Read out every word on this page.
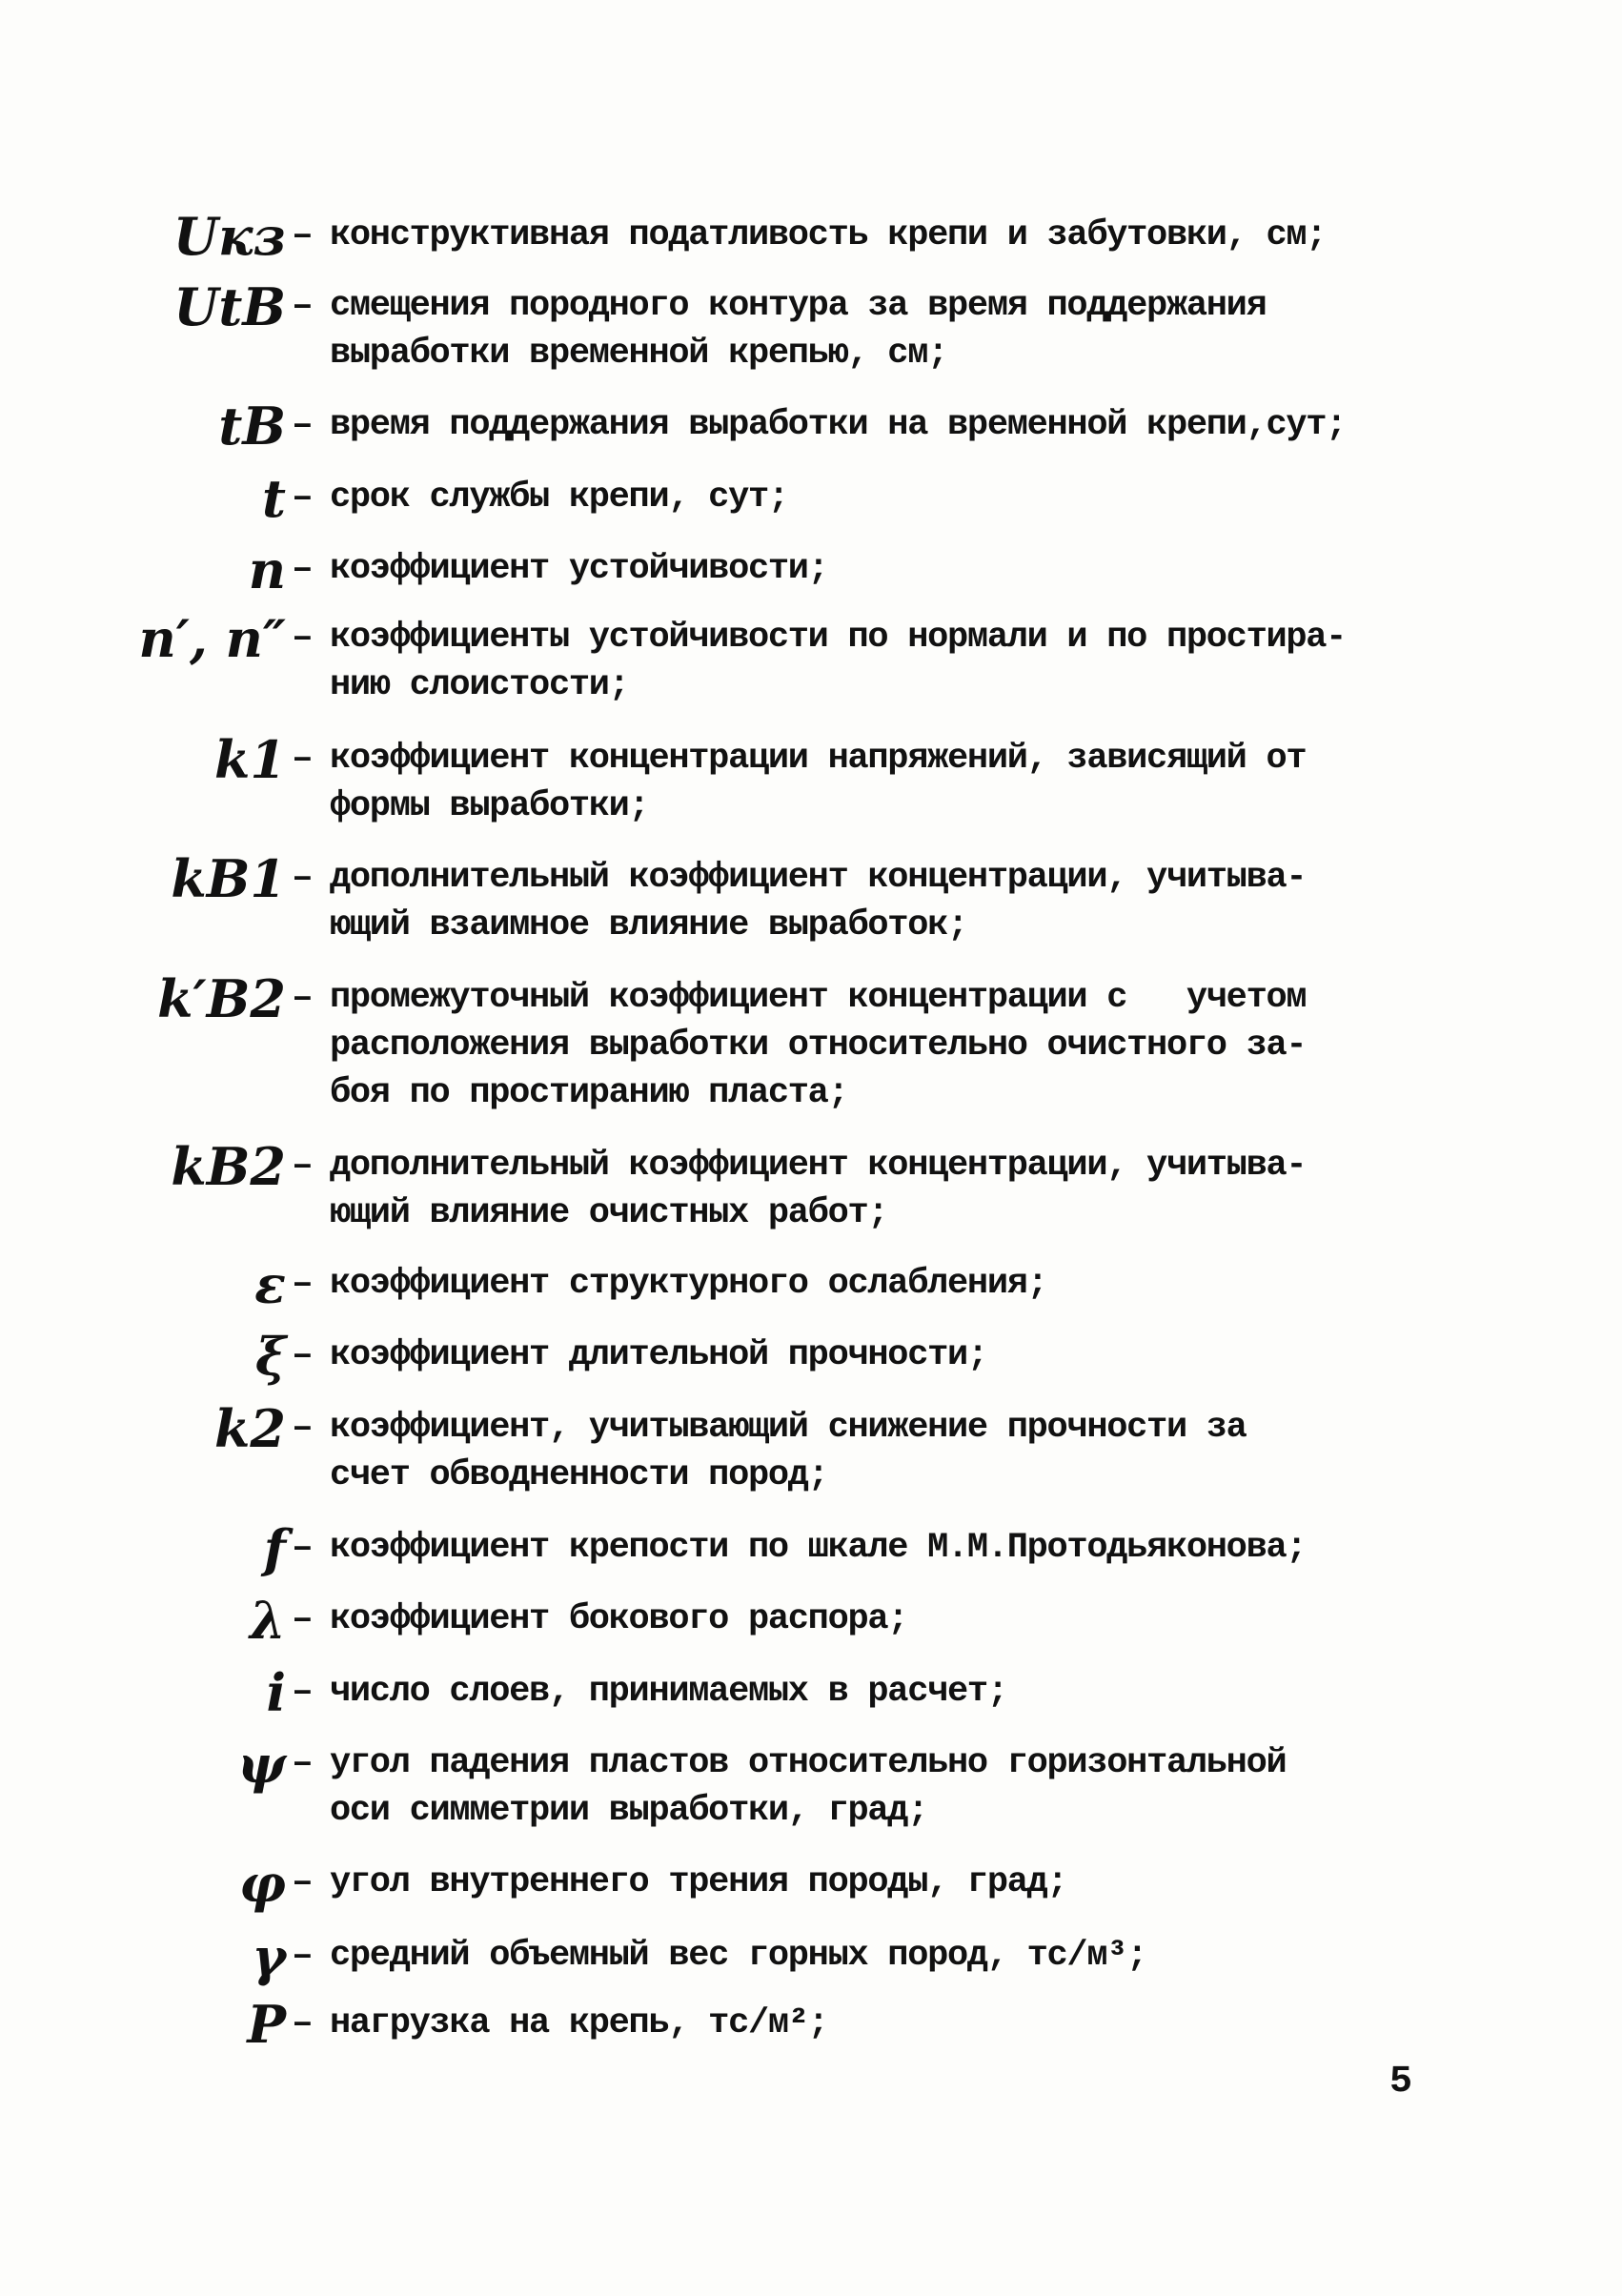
Uкз – конструктивная податливость крепи и забутовки, см;
UtB – смещения породного контура за время поддержания
выработки временной крепью, см;
tB – время поддержания выработки на временной крепи,сут;
t – срок службы крепи, сут;
n – коэффициент устойчивости;
n′, n″ – коэффициенты устойчивости по нормали и по простира-
нию слоистости;
k1 – коэффициент концентрации напряжений, зависящий от
формы выработки;
kB1 – дополнительный коэффициент концентрации, учитыва-
ющий взаимное влияние выработок;
k′B2 – промежуточный коэффициент концентрации с   учетом
расположения выработки относительно очистного за-
боя по простиранию пласта;
kB2 – дополнительный коэффициент концентрации, учитыва-
ющий влияние очистных работ;
ε – коэффициент структурного ослабления;
ξ – коэффициент длительной прочности;
k2 – коэффициент, учитывающий снижение прочности за
счет обводненности пород;
f – коэффициент крепости по шкале М.М.Протодьяконова;
λ – коэффициент бокового распора;
i – число слоев, принимаемых в расчет;
ψ – угол падения пластов относительно горизонтальной
оси симметрии выработки, град;
φ – угол внутреннего трения породы, град;
γ – средний объемный вес горных пород, тс/м³;
P – нагрузка на крепь, тс/м²;
5
